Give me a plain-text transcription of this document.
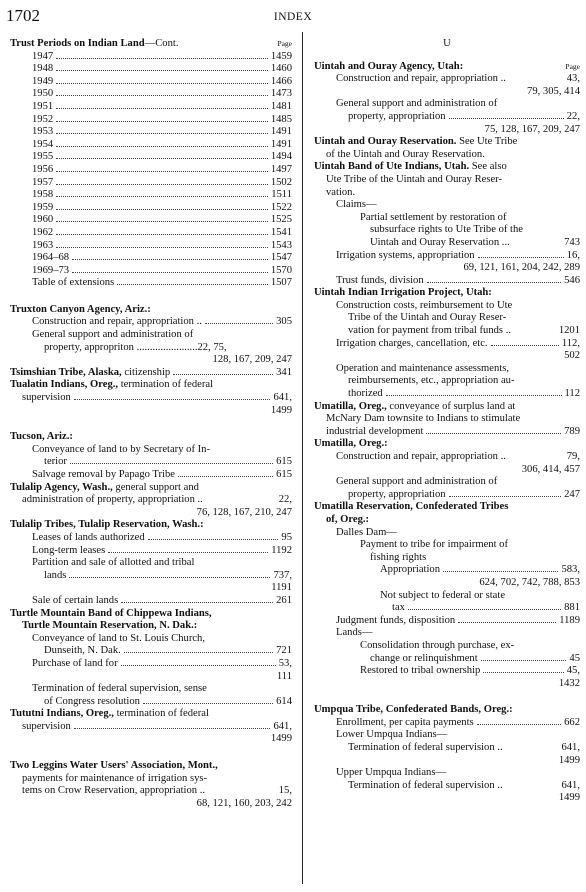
1702	INDEX
Trust Periods on Indian Land—Cont.	Page
1947	1459
1948	1460
1949	1466
1950	1473
1951	1481
1952	1485
1953	1491
1954	1491
1955	1494
1956	1497
1957	1502
1958	1511
1959	1522
1960	1525
1962	1541
1963	1543
1964–68	1547
1969–73	1570
Table of extensions	1507
Truxton Canyon Agency, Ariz.:
Construction and repair, appropriation ..	305
General support and administration of
property, appropriton .......................22, 75,
128, 167, 209, 247
Tsimshian Tribe, Alaska, citizenship	341
Tualatin Indians, Oreg., termination of federal
supervision	641,
1499
Tucson, Ariz.:
Conveyance of land to by Secretary of In-
terior	615
Salvage removal by Papago Tribe	615
Tulalip Agency, Wash., general support and
administration of property, appropriation ..	22,
76, 128, 167, 210, 247
Tulalip Tribes, Tulalip Reservation, Wash.:
Leases of lands authorized	95
Long-term leases	1192
Partition and sale of allotted and tribal
lands	737,
1191
Sale of certain lands	261
Turtle Mountain Band of Chippewa Indians,
Turtle Mountain Reservation, N. Dak.:
Conveyance of land to St. Louis Church,
Dunseith, N. Dak.	721
Purchase of land for	53,
111
Termination of federal supervision, sense
of Congress resolution	614
Tututni Indians, Oreg., termination of federal
supervision	641,
1499
Two Leggins Water Users' Association, Mont.,
payments for maintenance of irrigation sys-
tems on Crow Reservation, appropriation ..	15,
68, 121, 160, 203, 242
U
Uintah and Ouray Agency, Utah:	Page
Construction and repair, appropriation ..	43,
79, 305, 414
General support and administration of
property, appropriation	22,
75, 128, 167, 209, 247
Uintah and Ouray Reservation. See Ute Tribe
of the Uintah and Ouray Reservation.
Uintah Band of Ute Indians, Utah. See also
Ute Tribe of the Uintah and Ouray Reser-
vation.
Claims—
Partial settlement by restoration of
subsurface rights to Ute Tribe of the
Uintah and Ouray Reservation ...	743
Irrigation systems, appropriation	16,
69, 121, 161, 204, 242, 289
Trust funds, division	546
Uintah Indian Irrigation Project, Utah:
Construction costs, reimbursement to Ute
Tribe of the Uintah and Ouray Reser-
vation for payment from tribal funds ..	1201
Irrigation charges, cancellation, etc.	112,
502
Operation and maintenance assessments,
reimbursements, etc., appropriation au-
thorized	112
Umatilla, Oreg., conveyance of surplus land at
McNary Dam townsite to Indians to stimulate
industrial development	789
Umatilla, Oreg.:
Construction and repair, appropriation ..	79,
306, 414, 457
General support and administration of
property, appropriation	247
Umatilla Reservation, Confederated Tribes
of, Oreg.:
Dalles Dam—
Payment to tribe for impairment of
fishing rights
Appropriation	583,
624, 702, 742, 788, 853
Not subject to federal or state
tax	881
Judgment funds, disposition	1189
Lands—
Consolidation through purchase, ex-
change or relinquishment	45
Restored to tribal ownership	45,
1432
Umpqua Tribe, Confederated Bands, Oreg.:
Enrollment, per capita payments	662
Lower Umpqua Indians—
Termination of federal supervision ..	641,
1499
Upper Umpqua Indians—
Termination of federal supervision ..	641,
1499
